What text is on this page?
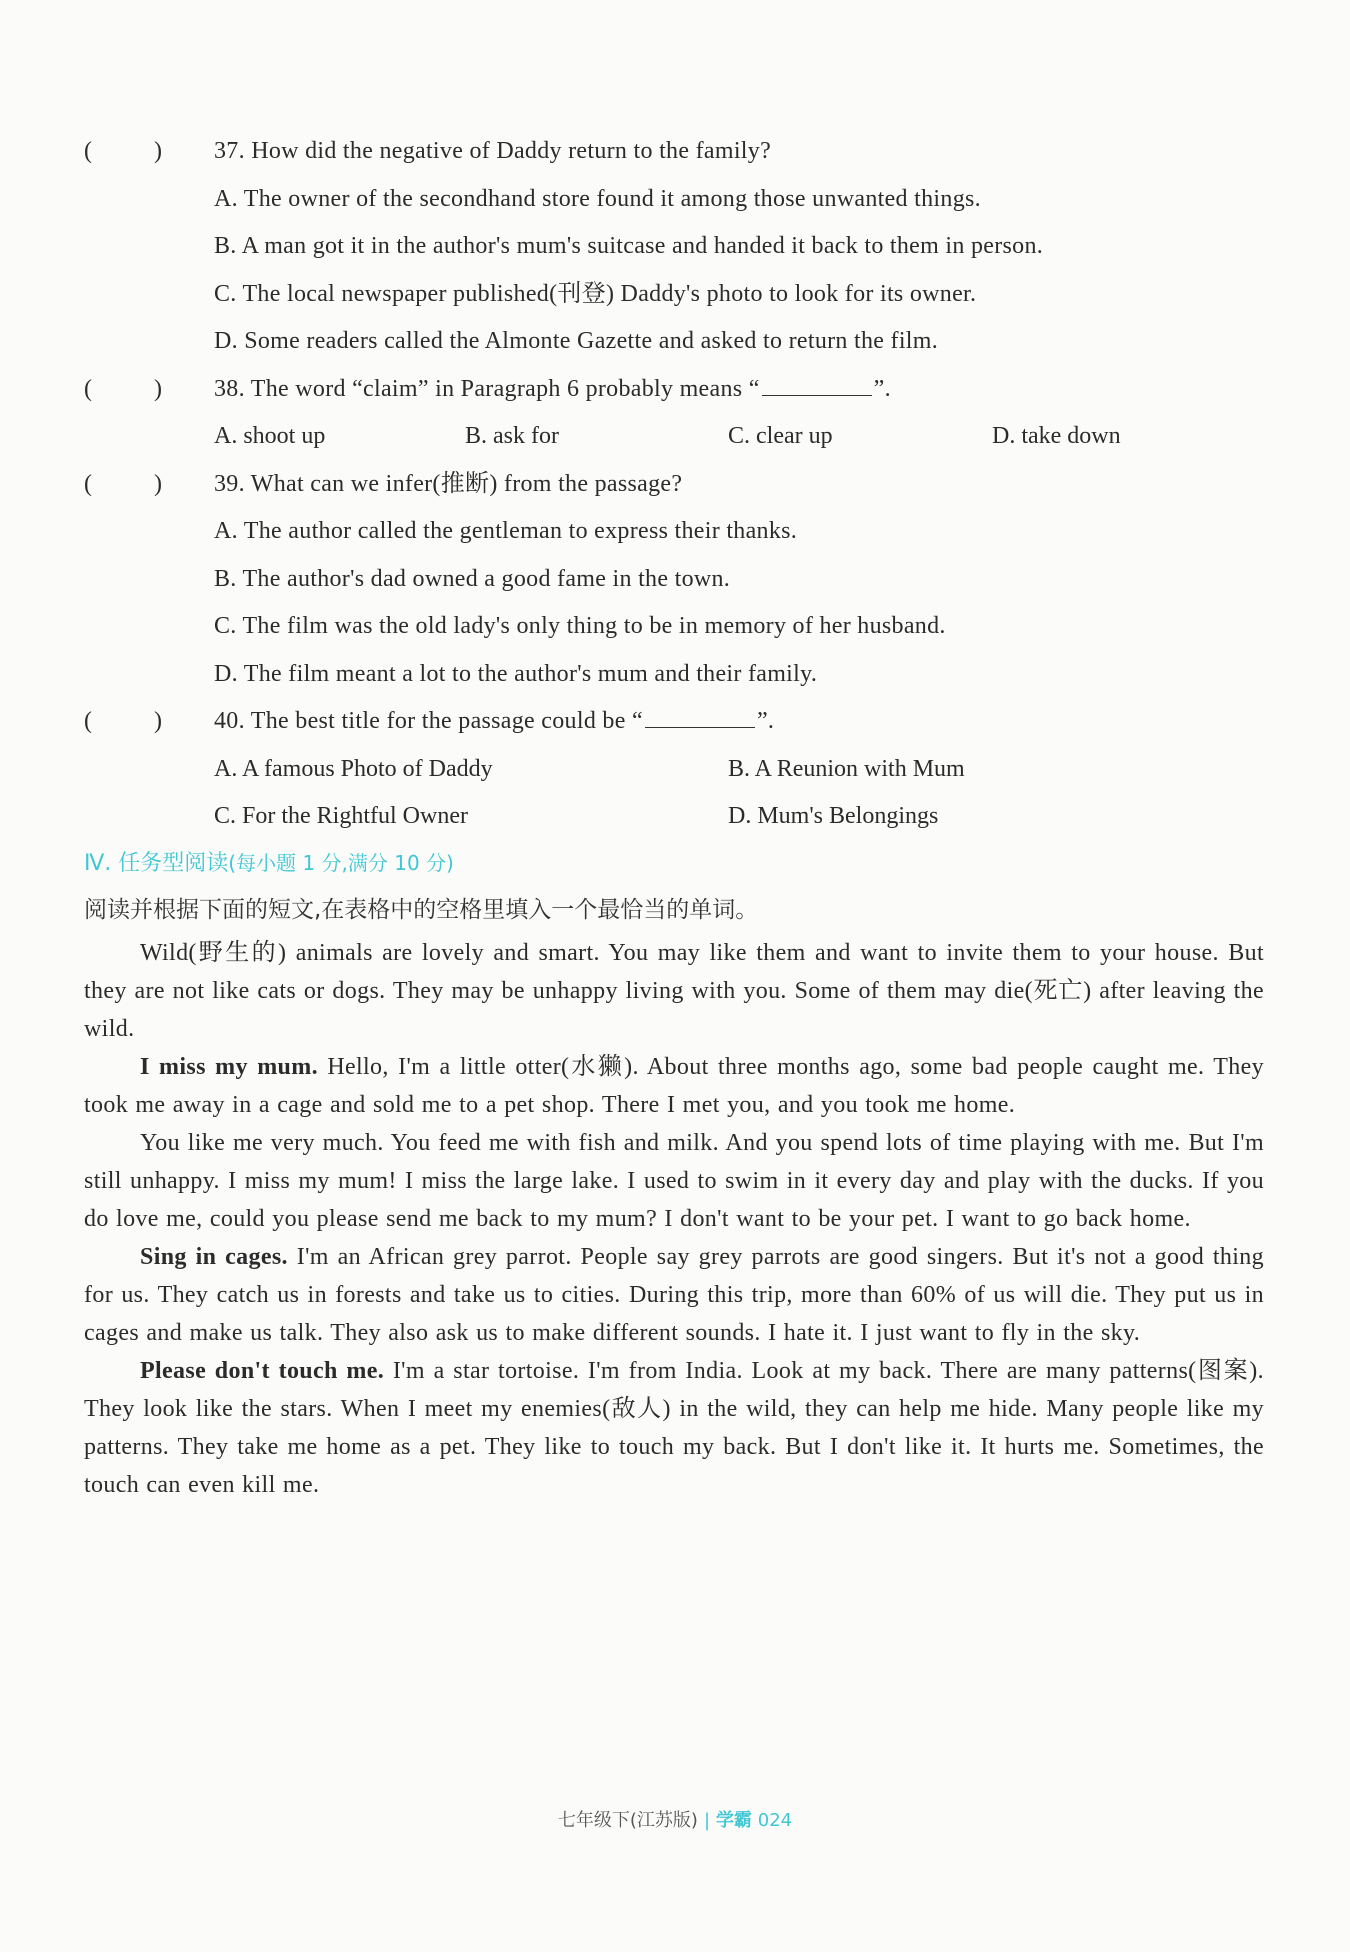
(	) 37. How did the negative of Daddy return to the family?
A. The owner of the secondhand store found it among those unwanted things.
B. A man got it in the author's mum's suitcase and handed it back to them in person.
C. The local newspaper published(刊登) Daddy's photo to look for its owner.
D. Some readers called the Almonte Gazette and asked to return the film.
(	) 38. The word “claim” in Paragraph 6 probably means “	”.
A. shoot up	B. ask for	C. clear up	D. take down
(	) 39. What can we infer(推断) from the passage?
A. The author called the gentleman to express their thanks.
B. The author's dad owned a good fame in the town.
C. The film was the old lady's only thing to be in memory of her husband.
D. The film meant a lot to the author's mum and their family.
(	) 40. The best title for the passage could be “	”.
A. A famous Photo of Daddy	B. A Reunion with Mum
C. For the Rightful Owner	D. Mum's Belongings
Ⅳ. 任务型阅读(每小题 1 分,满分 10 分)
阅读并根据下面的短文,在表格中的空格里填入一个最恰当的单词。

Wild(野生的) animals are lovely and smart. You may like them and want to invite them to your house. But they are not like cats or dogs. They may be unhappy living with you. Some of them may die(死亡) after leaving the wild.

I miss my mum. Hello, I'm a little otter(水獭). About three months ago, some bad people caught me. They took me away in a cage and sold me to a pet shop. There I met you, and you took me home.

You like me very much. You feed me with fish and milk. And you spend lots of time playing with me. But I'm still unhappy. I miss my mum! I miss the large lake. I used to swim in it every day and play with the ducks. If you do love me, could you please send me back to my mum? I don't want to be your pet. I want to go back home.

Sing in cages. I'm an African grey parrot. People say grey parrots are good singers. But it's not a good thing for us. They catch us in forests and take us to cities. During this trip, more than 60% of us will die. They put us in cages and make us talk. They also ask us to make different sounds. I hate it. I just want to fly in the sky.

Please don't touch me. I'm a star tortoise. I'm from India. Look at my back. There are many patterns(图案). They look like the stars. When I meet my enemies(敌人) in the wild, they can help me hide. Many people like my patterns. They take me home as a pet. They like to touch my back. But I don't like it. It hurts me. Sometimes, the touch can even kill me.

七年级下(江苏版) | 学霸 024
